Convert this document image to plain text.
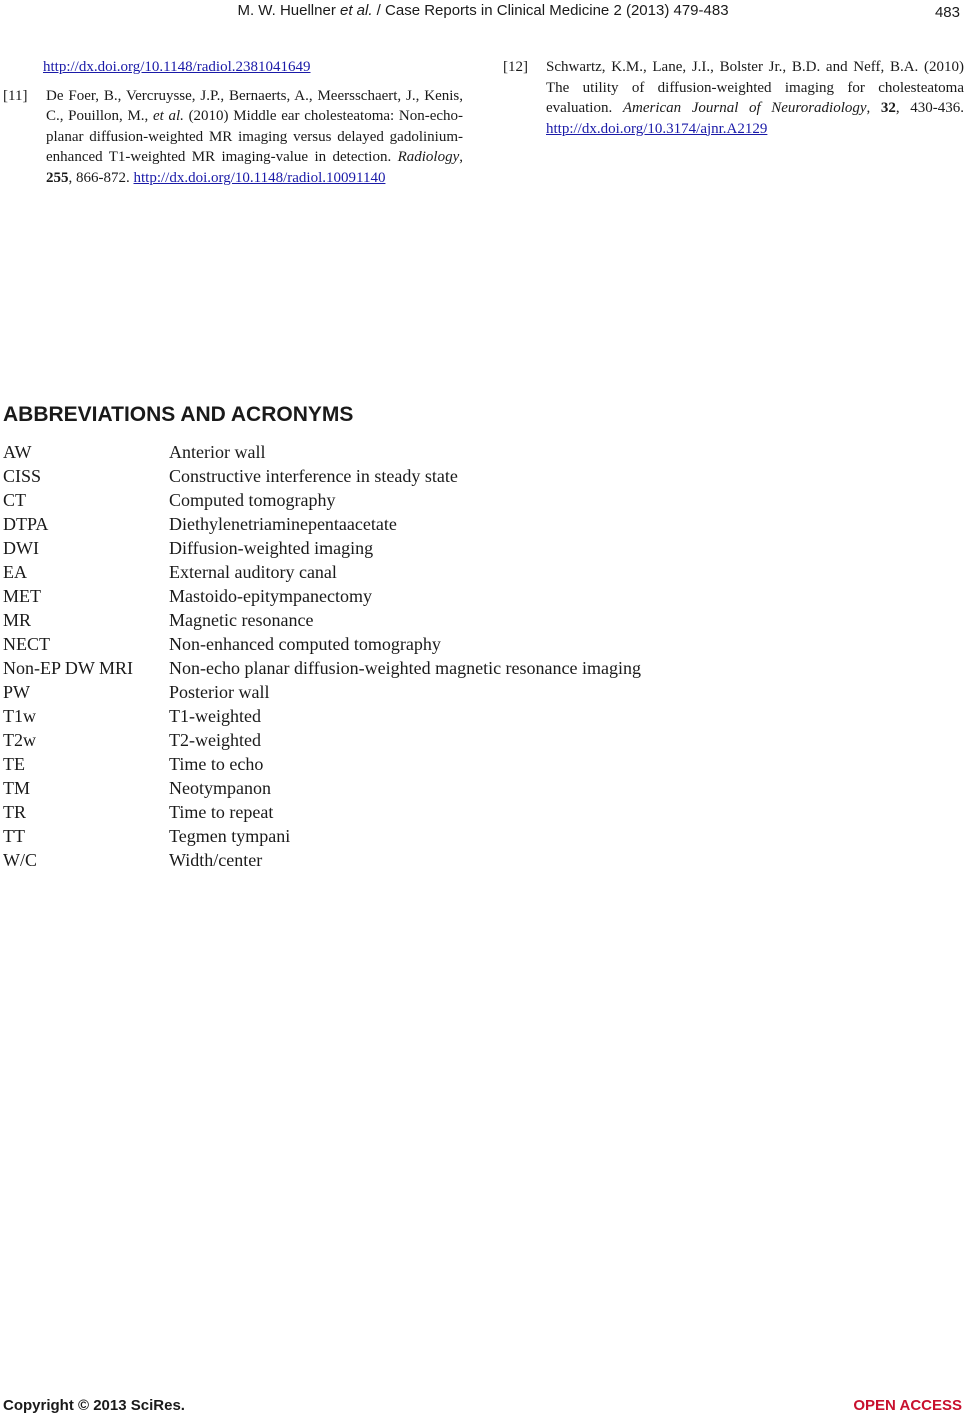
M. W. Huellner et al. / Case Reports in Clinical Medicine 2 (2013) 479-483	483
http://dx.doi.org/10.1148/radiol.2381041649
[11] De Foer, B., Vercruysse, J.P., Bernaerts, A., Meersschaert, J., Kenis, C., Pouillon, M., et al. (2010) Middle ear cholesteatoma: Non-echo-planar diffusion-weighted MR imaging versus delayed gadolinium-enhanced T1-weighted MR imaging-value in detection. Radiology, 255, 866-872. http://dx.doi.org/10.1148/radiol.10091140
[12] Schwartz, K.M., Lane, J.I., Bolster Jr., B.D. and Neff, B.A. (2010) The utility of diffusion-weighted imaging for cholesteatoma evaluation. American Journal of Neuroradiology, 32, 430-436. http://dx.doi.org/10.3174/ajnr.A2129
ABBREVIATIONS AND ACRONYMS
AW	Anterior wall
CISS	Constructive interference in steady state
CT	Computed tomography
DTPA	Diethylenetriaminepentaacetate
DWI	Diffusion-weighted imaging
EA	External auditory canal
MET	Mastoido-epitympanectomy
MR	Magnetic resonance
NECT	Non-enhanced computed tomography
Non-EP DW MRI	Non-echo planar diffusion-weighted magnetic resonance imaging
PW	Posterior wall
T1w	T1-weighted
T2w	T2-weighted
TE	Time to echo
TM	Neotympanon
TR	Time to repeat
TT	Tegmen tympani
W/C	Width/center
Copyright © 2013 SciRes.	OPEN ACCESS
